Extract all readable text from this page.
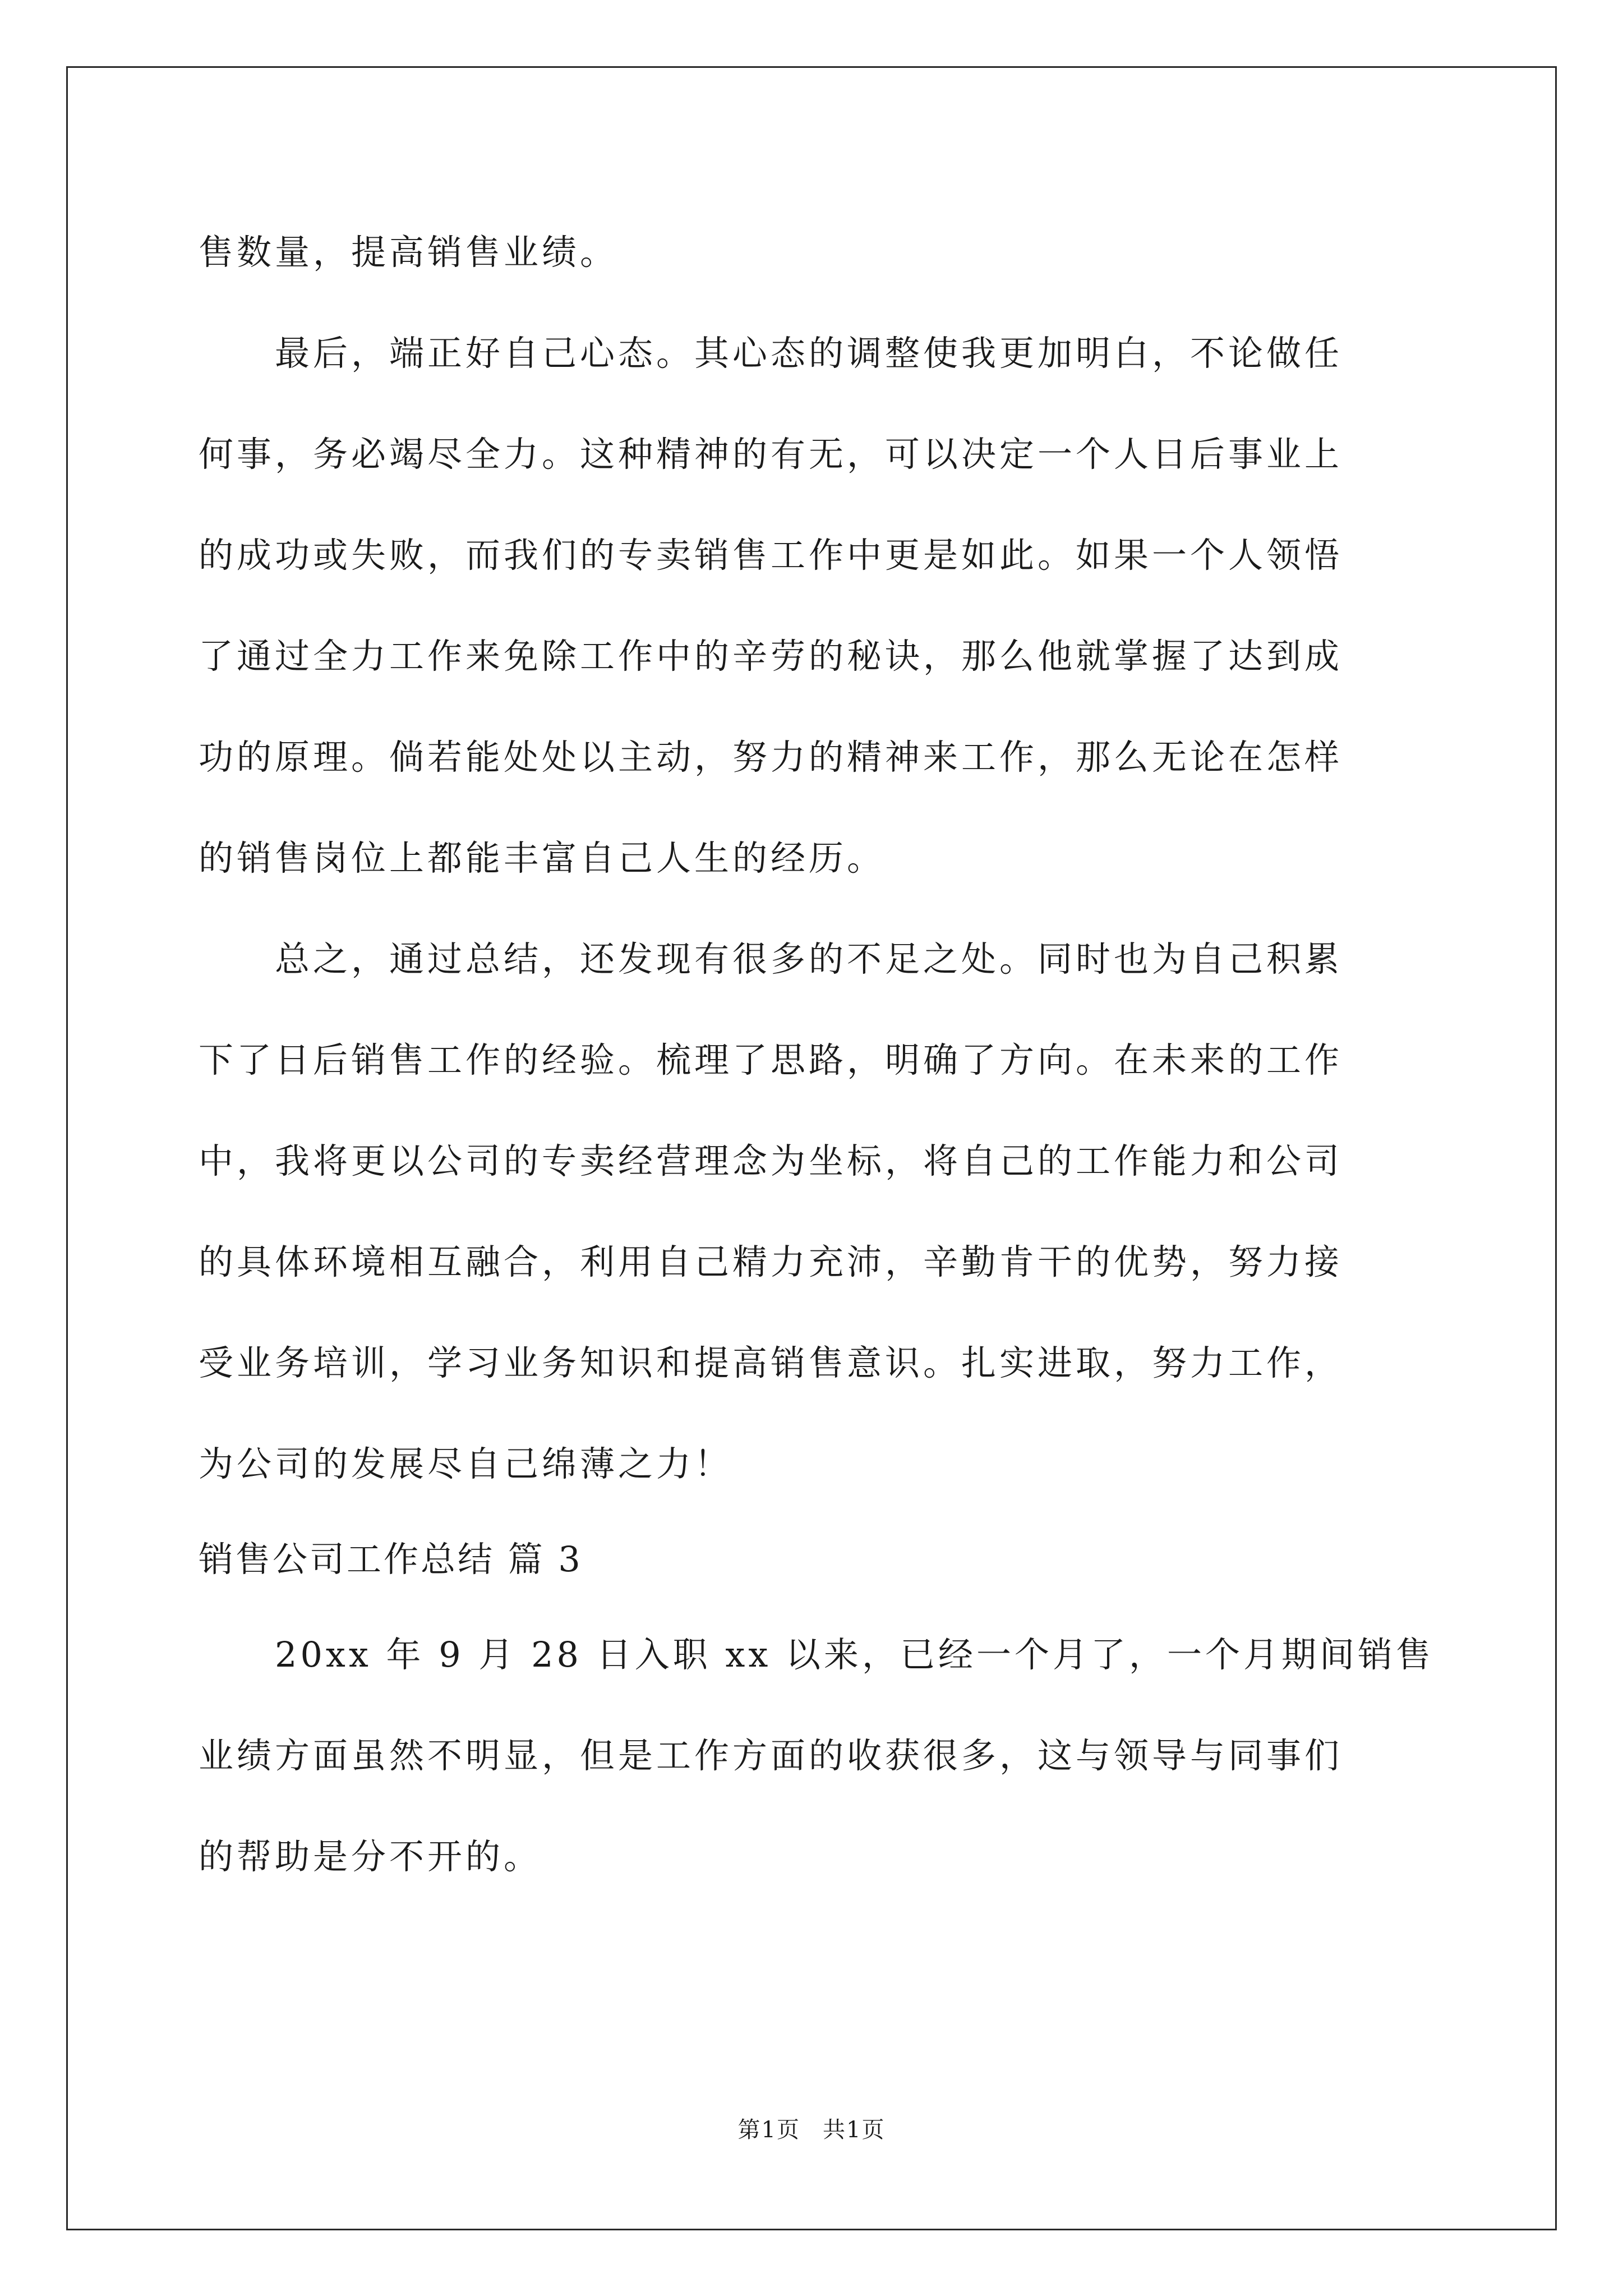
售数量，提高销售业绩。
最后，端正好自己心态。其心态的调整使我更加明白，不论做任
何事，务必竭尽全力。这种精神的有无，可以决定一个人日后事业上
的成功或失败，而我们的专卖销售工作中更是如此。如果一个人领悟
了通过全力工作来免除工作中的辛劳的秘诀，那么他就掌握了达到成
功的原理。倘若能处处以主动，努力的精神来工作，那么无论在怎样
的销售岗位上都能丰富自己人生的经历。
总之，通过总结，还发现有很多的不足之处。同时也为自己积累
下了日后销售工作的经验。梳理了思路，明确了方向。在未来的工作
中，我将更以公司的专卖经营理念为坐标，将自己的工作能力和公司
的具体环境相互融合，利用自己精力充沛，辛勤肯干的优势，努力接
受业务培训，学习业务知识和提高销售意识。扎实进取，努力工作，
为公司的发展尽自己绵薄之力！
销售公司工作总结 篇 3
20xx 年 9 月 28 日入职 xx 以来，已经一个月了，一个月期间销售
业绩方面虽然不明显，但是工作方面的收获很多，这与领导与同事们
的帮助是分不开的。
第1页 共1页
